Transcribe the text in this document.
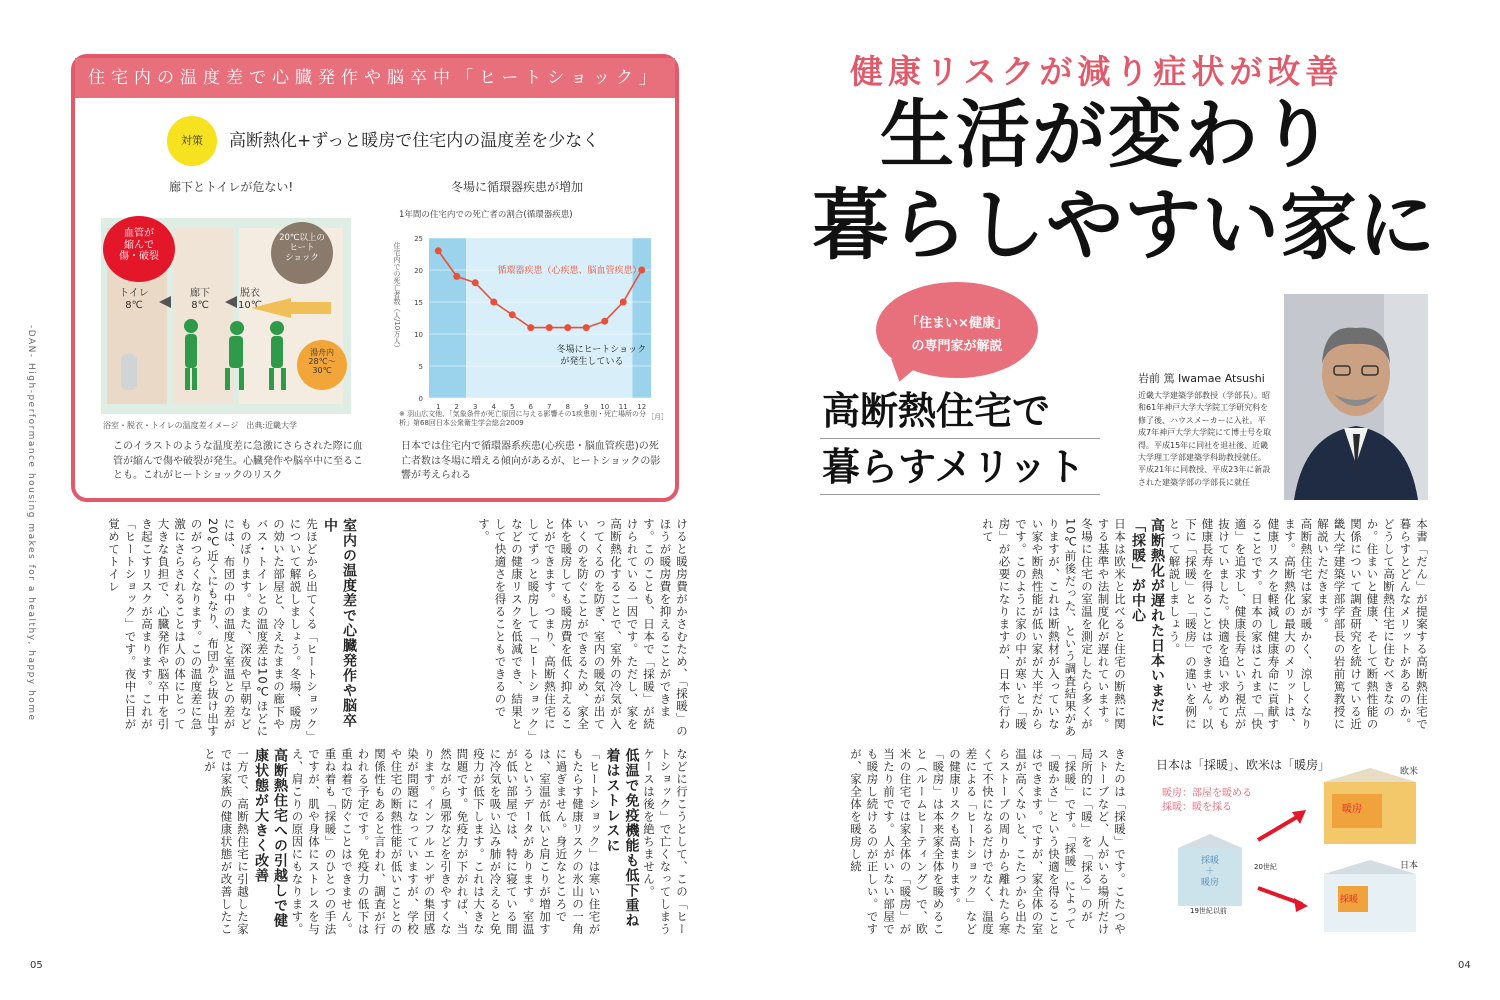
住宅内の温度差で心臓発作や脳卒中「ヒートショック」
対策	高断熱化+ずっと暖房で住宅内の温度差を少なく
廊下とトイレが危ない!	冬場に循環器疾患が増加
血管が
縮んで
傷・破裂
20℃以上の
ヒート
ショック
トイレ
8℃
廊下
8℃
脱衣
10℃
湯舟内
28℃〜
30℃
浴室・脱衣・トイレの温度差イメージ　出典:近畿大学
このイラストのような温度差に急激にさらされた際に血管が縮んで傷や破裂が発生。心臓発作や脳卒中に至ることも。これがヒートショックのリスク
1年間の住宅内での死亡者の割合(循環器疾患)
0
5
10
15
20
25
1 2 3 4 5 6 7 8 9 10 11 12
住宅内での死亡者数（人/10万人）
［月］
循環器疾患（心疾患、脳血管疾患）
冬場にヒートショック
が発生している
※ 羽山広文他、「気象条件が死亡原因に与える影響その1疾患別・死亡場所の分析」第68回日本公衆衛生学会総会2009
日本では住宅内で循環器系疾患(心疾患・脳血管疾患)の死亡者数は冬場に増える傾向があるが、ヒートショックの影響が考えられる
-DAN- High-performance housing makes for a healthy, happy home	けると暖房費がかさむため、「採暖」のほうが暖房費を抑えることができます。このことも、日本で「採暖」が続けられている一因です。ただし、家を高断熱化することで、室外の冷気が入ってくるのを防ぎ、室内の暖気が出ていくのを防ぐことができるため、家全体を暖房しても暖房費を低く抑えることができます。つまり、高断熱住宅にしてずっと暖房して「ヒートショック」などの健康リスクを低減でき、結果として快適さを得ることもできるのです。
室内の温度差で心臓発作や脳卒中
先ほどから出てくる「ヒートショック」について解説しましょう。冬場、暖房の効いた部屋と、冷えたままの廊下やバス・トイレとの温度差は10℃ほどにものぼります。また、深夜や早朝などには、布団の中の温度と室温との差が20℃近くにもなり、布団から抜け出すのがつらくなります。この温度差に急激にさらされることは人の体にとって大きな負担で、心臓発作や脳卒中を引き起こすリスクが高まります。これが「ヒートショック」です。夜中に目が覚めてトイレ
などに行こうとして、この「ヒートショック」で亡くなってしまうケースは後を絶ちません。
低温で免疫機能も低下重ね着はストレスに
「ヒートショック」は寒い住宅がもたらす健康リスクの氷山の一角に過ぎません。身近なところでは、室温が低いと肩こりが増加するというデータがあります。室温が低い部屋では、特に寝ている間に冷気を吸い込み肺が冷えると免疫力が低下します。これは大きな問題です。免疫力が下がれば、当然ながら風邪などを引きやすくなります。インフルエンザの集団感染が問題になっていますが、学校や住宅の断熱性能が低いこととの関係性もあると言われ、調査が行われる予定です。免疫力の低下は重ね着で防ぐことはできません。重ね着も「採暖」のひとつの手法ですが、肌や身体にストレスを与え、肩こりの原因にもなります。
高断熱住宅への引越しで健康状態が大きく改善
一方で、高断熱住宅に引越した家では家族の健康状態が改善したことが
05
健康リスクが減り症状が改善
生活が変わり
暮らしやすい家に
「住まい×健康」
の専門家が解説
高断熱住宅で
暮らすメリット
岩前 篤 Iwamae Atsushi
近畿大学建築学部教授（学部長）。昭和61年神戸大学大学院工学研究科を修了後、ハウスメーカーに入社。平成7年神戸大学大学院にて博士号を取得。平成15年に同社を退社後、近畿大学理工学部建築学科助教授就任。平成21年に同教授、平成23年に新設された建築学部の学部長に就任
本書「だん」が提案する高断熱住宅で暮らすとどんなメリットがあるのか。どうして高断熱住宅に住むべきなのか。住まいと健康、そして断熱性能の関係について調査研究を続けている近畿大学建築学部学部長の岩前篤教授に解説いただきます。
高断熱住宅は家が暖かく、涼しくなります。高断熱化の最大のメリットは、健康リスクを軽減し健康寿命に貢献することです。日本の家はこれまで「快適」を追求し、健康長寿という視点が抜けていました。快適を追い求めても健康長寿を得ることはできません。以下に「採暖」と「暖房」の違いを例にとって解説しましょう。
高断熱化が遅れた日本いまだに「採暖」が中心
日本は欧米と比べると住宅の断熱に関する基準や法制度化が遅れています。冬場に住宅の室温を測定したら多くが10℃前後だった、という調査結果がありますが、これは断熱材が入っていない家や断熱性能が低い家が大半だからです。このように家の中が寒いと「暖房」が必要になりますが、日本で行われて
きたのは「採暖」です。こたつやストーブなど、人がいる場所だけ局所的に「暖」を「採る」のが「採暖」です。「採暖」によって「暖かさ」という快適を得ることはできます。ですが、家全体の室温が高くないと、こたつから出たらストーブの周りから離れたら寒くて不快になるだけでなく、温度差による「ヒートショック」などの健康リスクも高まります。
「暖房」は本来家全体を暖めること（ルームヒーティング）で、欧米の住宅では家全体の「暖房」が当たり前です。人がいない部屋でも暖房し続けるのが正しい。ですが、家全体を暖房し続	日本は「採暖」、欧米は「暖房」
暖房：部屋を暖める
採暖：暖を採る
欧米
日本
暖房
採暖
＋
暖房
採暖
20世紀
19世紀以前
04
